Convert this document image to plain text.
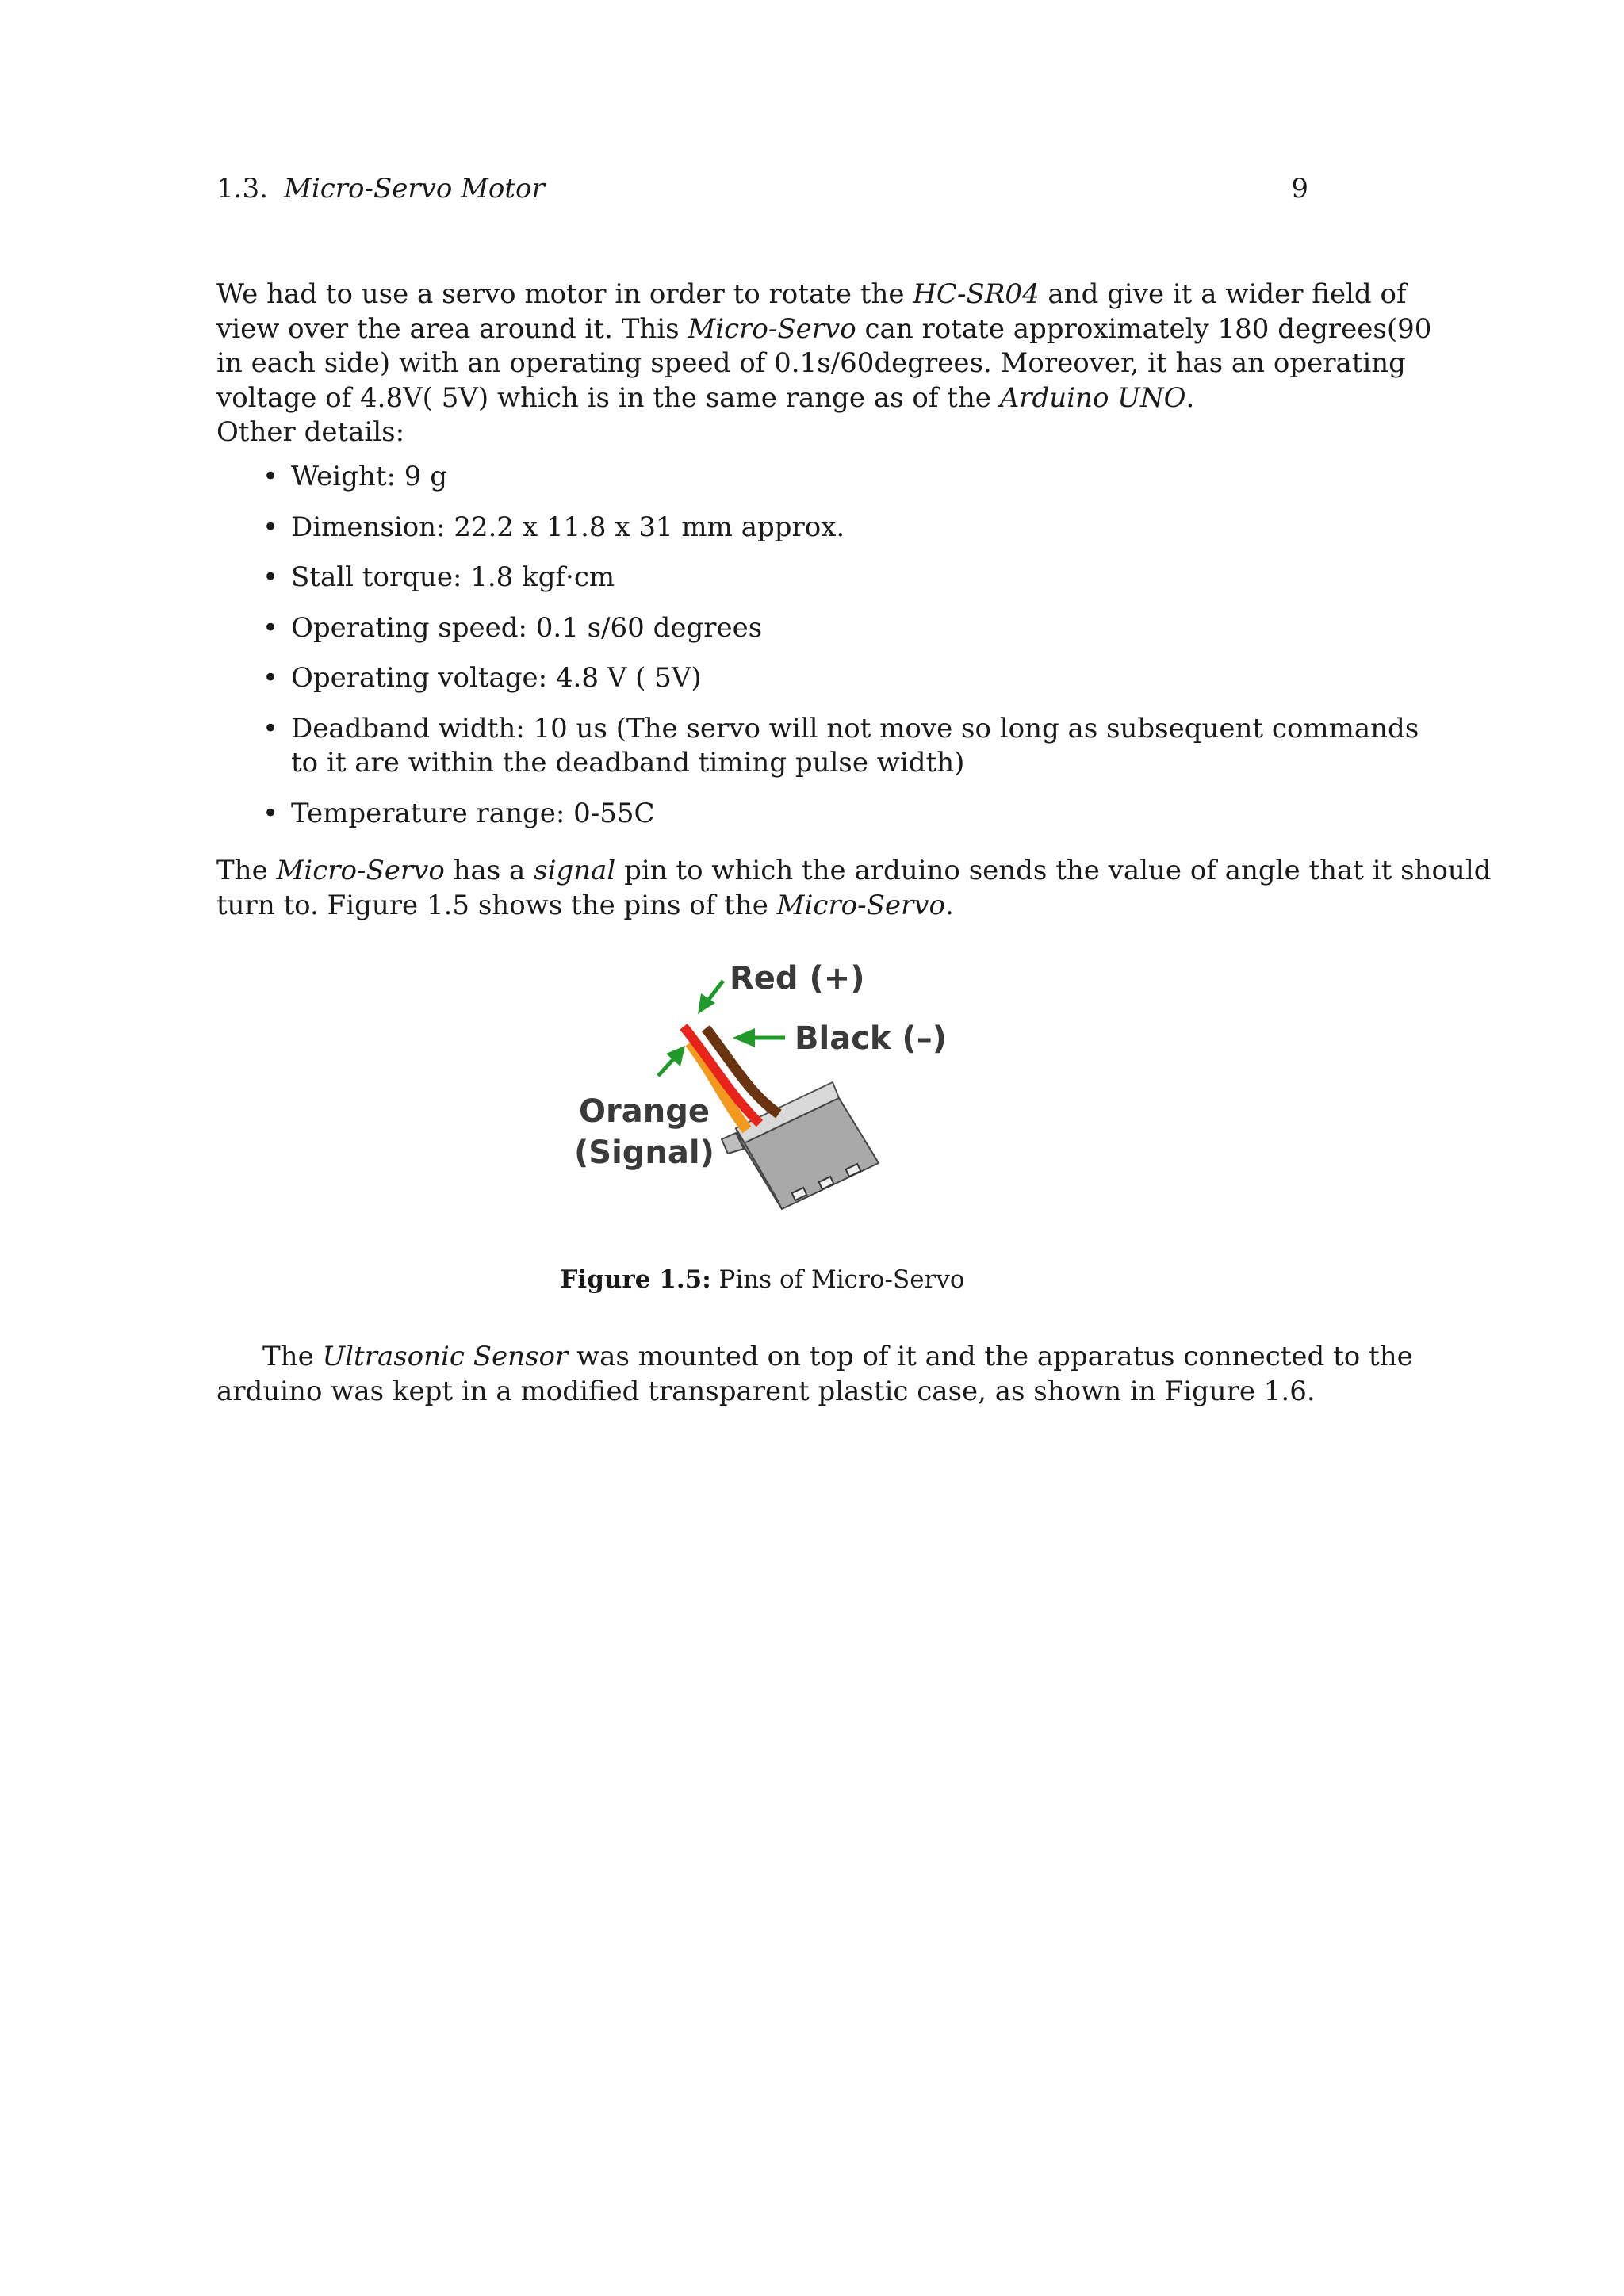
1.3. Micro-Servo Motor	9
We had to use a servo motor in order to rotate the HC-SR04 and give it a wider field of
view over the area around it. This Micro-Servo can rotate approximately 180 degrees(90
in each side) with an operating speed of 0.1s/60degrees. Moreover, it has an operating
voltage of 4.8V( 5V) which is in the same range as of the Arduino UNO.
Other details:
• Weight: 9 g
• Dimension: 22.2 x 11.8 x 31 mm approx.
• Stall torque: 1.8 kgf·cm
• Operating speed: 0.1 s/60 degrees
• Operating voltage: 4.8 V ( 5V)
• Deadband width: 10 us (The servo will not move so long as subsequent commands
to it are within the deadband timing pulse width)
• Temperature range: 0-55C
The Micro-Servo has a signal pin to which the arduino sends the value of angle that it should
turn to. Figure 1.5 shows the pins of the Micro-Servo.
Red (+)
Black (–)
Orange
(Signal)
Figure 1.5: Pins of Micro-Servo
The Ultrasonic Sensor was mounted on top of it and the apparatus connected to the
arduino was kept in a modified transparent plastic case, as shown in Figure 1.6.
